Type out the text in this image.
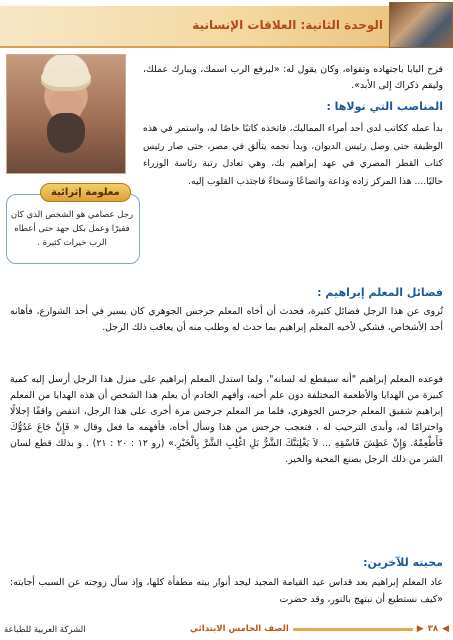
الوحدة الثانية: العلاقات الإنسانية
فرح البابا باجتهاده وتقواه، وكان يقول له: «ليرفع الرب اسمك، ويبارك عملك، وليقم ذكراك إلى الأبد».
المناصب التي تولاها :
بدأ عمله ككاتب لدى أحد أمراء المماليك، فاتخذه كاتبًا خاصًا له، واستمر في هذه الوظيفة حتى وصل رئيس الديوان، وبدأ نجمه يتألق في مصر، حتى صار رئيس كتاب القطر المصري في عهد إبراهيم بك، وهي تعادل رتبة رئاسة الوزراء حاليًا.... هذا المركز زاده وداعة واتضاعًا وسخاءً فاجتذب القلوب إليه.
معلومة إثرائية
رجل عصامي هو الشخص الذي كان فقيرًا وعمل بكل جهد حتى أعطاه الرب خيرات كثيرة .
فضائل المعلم إبراهيم :
تُروى عن هذا الرجل فضائل كثيرة، فحدث أن أخاه المعلم جرجس الجوهري كان يسير في أحد الشوارع، فأهانه أحد الأشخاص، فشكى لأخيه المعلم إبراهيم بما حدث له وطلب منه أن يعاقب ذلك الرجل.
فوعده المعلم إبراهيم "أنه سيقطع له لسانه"، ولما استدل المعلم إبراهيم على منزل هذا الرجل أرسل إليه كمية كبيرة من الهدايا والأطعمة المختلفة دون علم أخيه، وأفهم الخادم أن يعلم هذا الشخص أن هذه الهدايا من المعلم إبراهيم شقيق المعلم جرجس الجوهري، فلما مر المعلم جرجس مرة أخرى على هذا الرجل، انتفض واقفًا إجلالًا واحترامًا له، وأبدى الترحيب له ، فتعجب جرجس من هذا وسأل أخاه، فأفهمه ما فعل وقال « فَإِنْ جَاعَ عَدُوُّكَ فَأَطْعِمْهُ. وَإِنْ عَطِشَ فَاسْقِهِ ... لاَ يَغْلِبَنَّكَ الشَّرُّ بَلِ اغْلِبِ الشَّرَّ بِالْخَيْرِ.» (رو ١٢ : ٢٠ : ٢١) . و بذلك قطع لسان الشر من ذلك الرجل بصنع المحبة والخير.
محبته للآخرين:
عاد المعلم إبراهيم بعد قداس عيد القيامة المجيد ليجد أنوار بيته مطفأة كلها، وإذ سأل زوجته عن السبب أجابته: «كيف نستطيع أن نبتهج بالنور، وقد حضرت
◀
٣٨
▶
الصف الخامس الابتدائي
الشركة العربية للطباعة
